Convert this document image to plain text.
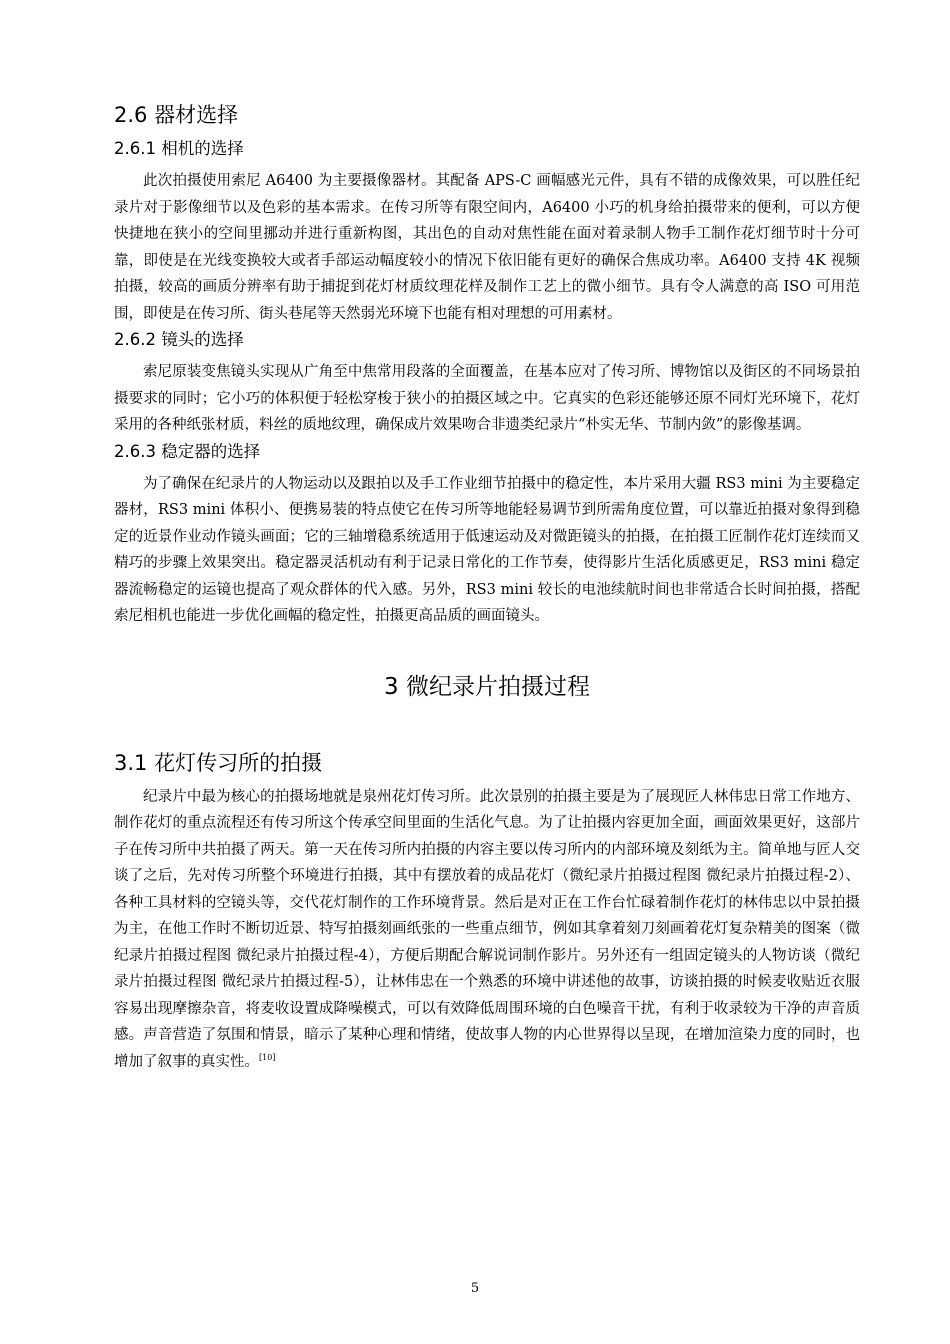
2.6 器材选择
2.6.1 相机的选择

此次拍摄使用索尼 A6400 为主要摄像器材。其配备 APS-C 画幅感光元件，具有不错的成像效果，可以胜任纪录片对于影像细节以及色彩的基本需求。在传习所等有限空间内，A6400 小巧的机身给拍摄带来的便利，可以方便快捷地在狭小的空间里挪动并进行重新构图，其出色的自动对焦性能在面对着录制人物手工制作花灯细节时十分可靠，即使是在光线变换较大或者手部运动幅度较小的情况下依旧能有更好的确保合焦成功率。A6400 支持 4K 视频拍摄，较高的画质分辨率有助于捕捉到花灯材质纹理花样及制作工艺上的微小细节。具有令人满意的高 ISO 可用范围，即使是在传习所、街头巷尾等天然弱光环境下也能有相对理想的可用素材。

2.6.2 镜头的选择

索尼原装变焦镜头实现从广角至中焦常用段落的全面覆盖，在基本应对了传习所、博物馆以及街区的不同场景拍摄要求的同时；它小巧的体积便于轻松穿梭于狭小的拍摄区域之中。它真实的色彩还能够还原不同灯光环境下，花灯采用的各种纸张材质，料丝的质地纹理，确保成片效果吻合非遗类纪录片“朴实无华、节制内敛”的影像基调。

2.6.3 稳定器的选择

为了确保在纪录片的人物运动以及跟拍以及手工作业细节拍摄中的稳定性，本片采用大疆 RS3 mini 为主要稳定器材，RS3 mini 体积小、便携易装的特点使它在传习所等地能轻易调节到所需角度位置，可以靠近拍摄对象得到稳定的近景作业动作镜头画面；它的三轴增稳系统适用于低速运动及对微距镜头的拍摄，在拍摄工匠制作花灯连续而又精巧的步骤上效果突出。稳定器灵活机动有利于记录日常化的工作节奏，使得影片生活化质感更足，RS3 mini 稳定器流畅稳定的运镜也提高了观众群体的代入感。另外，RS3 mini 较长的电池续航时间也非常适合长时间拍摄，搭配索尼相机也能进一步优化画幅的稳定性，拍摄更高品质的画面镜头。

3 微纪录片拍摄过程
3.1 花灯传习所的拍摄

纪录片中最为核心的拍摄场地就是泉州花灯传习所。此次景别的拍摄主要是为了展现匠人林伟忠日常工作地方、制作花灯的重点流程还有传习所这个传承空间里面的生活化气息。为了让拍摄内容更加全面，画面效果更好，这部片子在传习所中共拍摄了两天。第一天在传习所内拍摄的内容主要以传习所内的内部环境及刻纸为主。简单地与匠人交谈了之后，先对传习所整个环境进行拍摄，其中有摆放着的成品花灯（微纪录片拍摄过程图 微纪录片拍摄过程-2）、各种工具材料的空镜头等，交代花灯制作的工作环境背景。然后是对正在工作台忙碌着制作花灯的林伟忠以中景拍摄为主，在他工作时不断切近景、特写拍摄刻画纸张的一些重点细节，例如其拿着刻刀刻画着花灯复杂精美的图案（微纪录片拍摄过程图 微纪录片拍摄过程-4），方便后期配合解说词制作影片。另外还有一组固定镜头的人物访谈（微纪录片拍摄过程图 微纪录片拍摄过程-5），让林伟忠在一个熟悉的环境中讲述他的故事，访谈拍摄的时候麦收贴近衣服容易出现摩擦杂音，将麦收设置成降噪模式，可以有效降低周围环境的白色噪音干扰，有利于收录较为干净的声音质感。声音营造了氛围和情景，暗示了某种心理和情绪，使故事人物的内心世界得以呈现，在增加渲染力度的同时，也增加了叙事的真实性。[10]

5
